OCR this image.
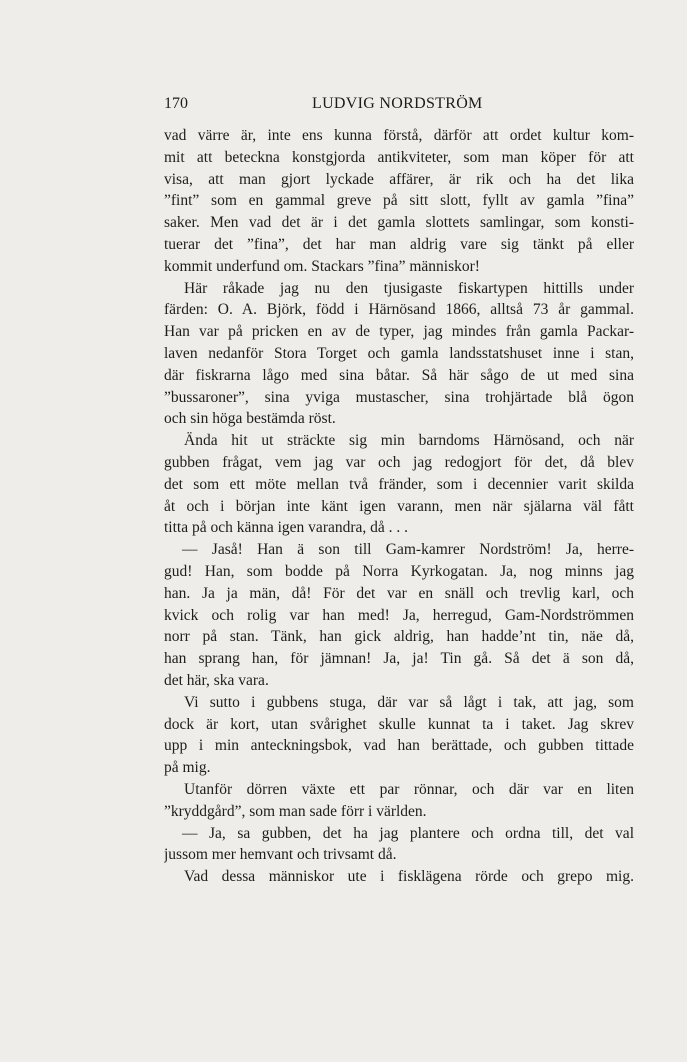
170	LUDVIG NORDSTRÖM
vad värre är, inte ens kunna förstå, därför att ordet kultur kom-
mit att beteckna konstgjorda antikviteter, som man köper för att
visa, att man gjort lyckade affärer, är rik och ha det lika
”fint” som en gammal greve på sitt slott, fyllt av gamla ”fina”
saker. Men vad det är i det gamla slottets samlingar, som konsti-
tuerar det ”fina”, det har man aldrig vare sig tänkt på eller
kommit underfund om. Stackars ”fina” människor!
Här råkade jag nu den tjusigaste fiskartypen hittills under
färden: O. A. Björk, född i Härnösand 1866, alltså 73 år gammal.
Han var på pricken en av de typer, jag mindes från gamla Packar-
laven nedanför Stora Torget och gamla landsstatshuset inne i stan,
där fiskrarna lågo med sina båtar. Så här sågo de ut med sina
”bussaroner”, sina yviga mustascher, sina trohjärtade blå ögon
och sin höga bestämda röst.
Ända hit ut sträckte sig min barndoms Härnösand, och när
gubben frågat, vem jag var och jag redogjort för det, då blev
det som ett möte mellan två fränder, som i decennier varit skilda
åt och i början inte känt igen varann, men när själarna väl fått
titta på och känna igen varandra, då . . .
— Jaså! Han ä son till Gam-kamrer Nordström! Ja, herre-
gud! Han, som bodde på Norra Kyrkogatan. Ja, nog minns jag
han. Ja ja män, då! För det var en snäll och trevlig karl, och
kvick och rolig var han med! Ja, herregud, Gam-Nordströmmen
norr på stan. Tänk, han gick aldrig, han hadde’nt tin, näe då,
han sprang han, för jämnan! Ja, ja! Tin gå. Så det ä son då,
det här, ska vara.
Vi sutto i gubbens stuga, där var så lågt i tak, att jag, som
dock är kort, utan svårighet skulle kunnat ta i taket. Jag skrev
upp i min anteckningsbok, vad han berättade, och gubben tittade
på mig.
Utanför dörren växte ett par rönnar, och där var en liten
”kryddgård”, som man sade förr i världen.
— Ja, sa gubben, det ha jag plantere och ordna till, det val
jussom mer hemvant och trivsamt då.
Vad dessa människor ute i fisklägena rörde och grepo mig.
